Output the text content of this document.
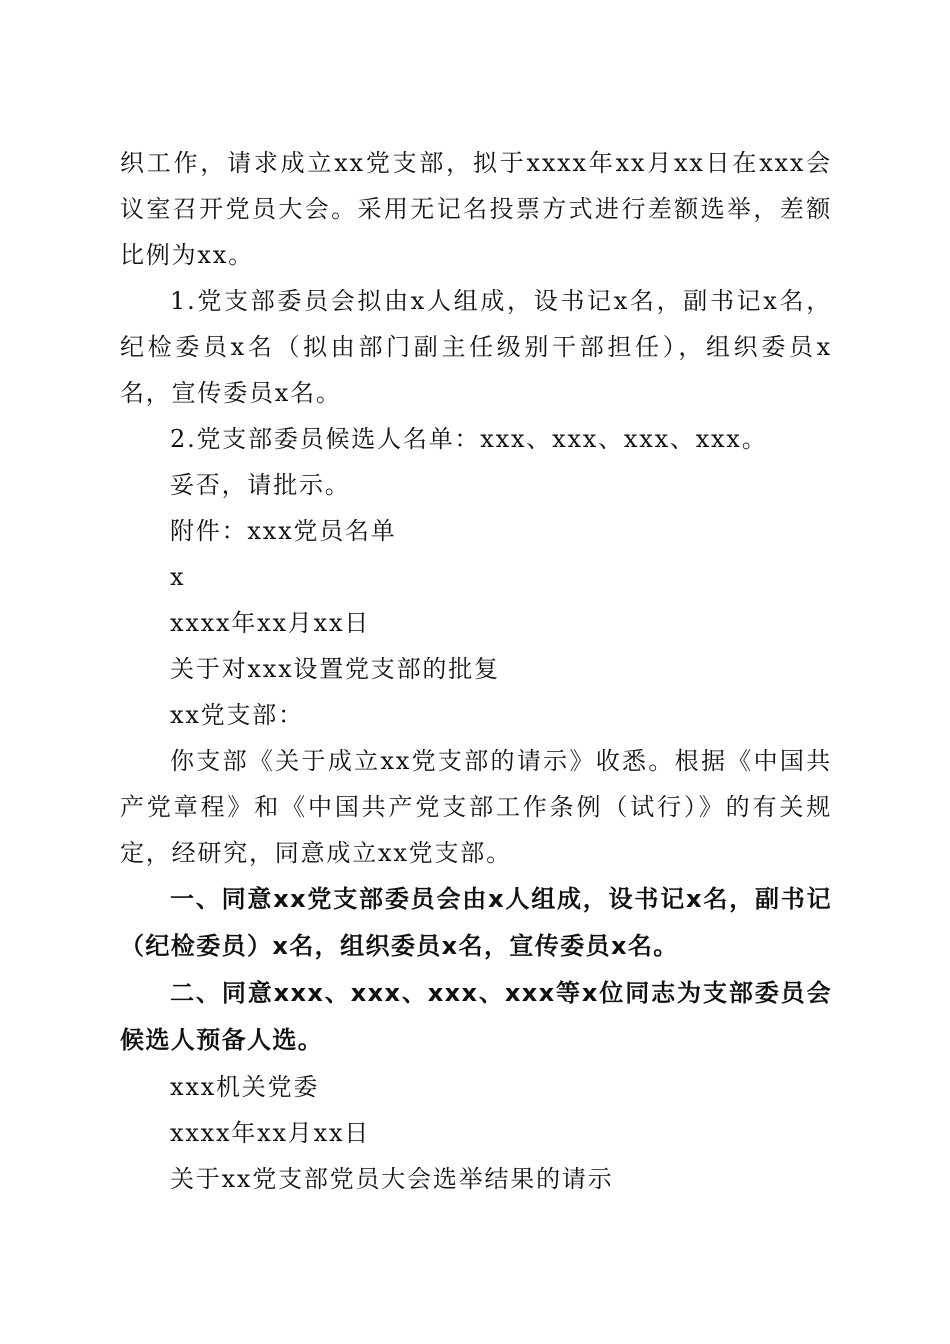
织工作，请求成立xx党支部，拟于xxxx年xx月xx日在xxx会议室召开党员大会。采用无记名投票方式进行差额选举，差额比例为xx。

1.党支部委员会拟由x人组成，设书记x名，副书记x名，纪检委员x名（拟由部门副主任级别干部担任），组织委员x名，宣传委员x名。

2.党支部委员候选人名单：xxx、xxx、xxx、xxx。

妥否，请批示。

附件：xxx党员名单

x

xxxx年xx月xx日

关于对xxx设置党支部的批复

xx党支部：

你支部《关于成立xx党支部的请示》收悉。根据《中国共产党章程》和《中国共产党支部工作条例（试行）》的有关规定，经研究，同意成立xx党支部。

一、同意xx党支部委员会由x人组成，设书记x名，副书记（纪检委员）x名，组织委员x名，宣传委员x名。

二、同意xxx、xxx、xxx、xxx等x位同志为支部委员会候选人预备人选。

xxx机关党委

xxxx年xx月xx日

关于xx党支部党员大会选举结果的请示
